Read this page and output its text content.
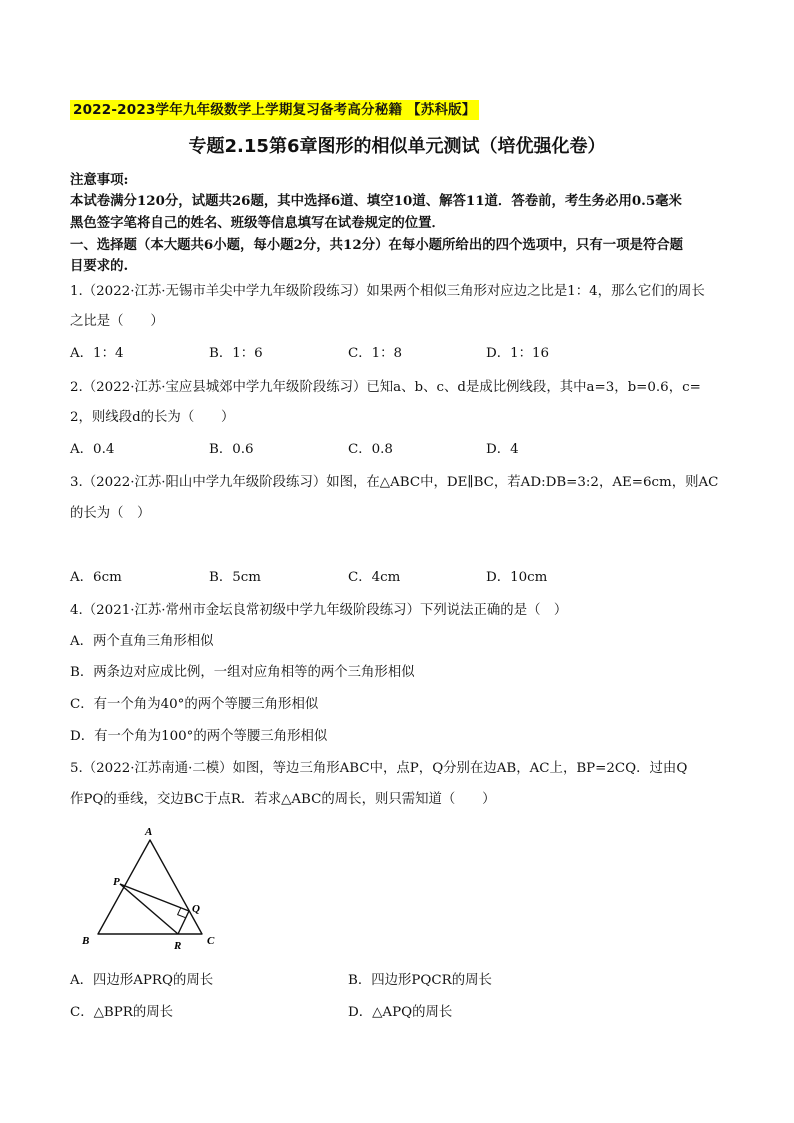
2022-2023学年九年级数学上学期复习备考高分秘籍 【苏科版】
专题2.15第6章图形的相似单元测试（培优强化卷）
注意事项:
本试卷满分120分，试题共26题，其中选择6道、填空10道、解答11道．答卷前，考生务必用0.5毫米
黑色签字笔将自己的姓名、班级等信息填写在试卷规定的位置．
一、选择题（本大题共6小题，每小题2分，共12分）在每小题所给出的四个选项中，只有一项是符合题
目要求的.
1.（2022·江苏·无锡市羊尖中学九年级阶段练习）如果两个相似三角形对应边之比是1：4，那么它们的周长
之比是（　　）
A．1：4	B．1：6	C．1：8	D．1：16
2.（2022·江苏·宝应县城郊中学九年级阶段练习）已知a、b、c、d是成比例线段，其中a=3，b=0.6，c=
2，则线段d的长为（　　）
A．0.4	B．0.6	C．0.8	D．4
3.（2022·江苏·阳山中学九年级阶段练习）如图，在△ABC中，DE∥BC，若AD:DB=3:2，AE=6cm，则AC
的长为（　）
A．6cm	B．5cm	C．4cm	D．10cm
4.（2021·江苏·常州市金坛良常初级中学九年级阶段练习）下列说法正确的是（　）
A．两个直角三角形相似
B．两条边对应成比例，一组对应角相等的两个三角形相似
C．有一个角为40°的两个等腰三角形相似
D．有一个角为100°的两个等腰三角形相似
5.（2022·江苏南通·二模）如图，等边三角形ABC中，点P，Q分别在边AB，AC上，BP=2CQ．过由Q
作PQ的垂线，交边BC于点R．若求△ABC的周长，则只需知道（　　）
A
B	C
P
Q
R
A．四边形APRQ的周长	B．四边形PQCR的周长
C．△BPR的周长	D．△APQ的周长
